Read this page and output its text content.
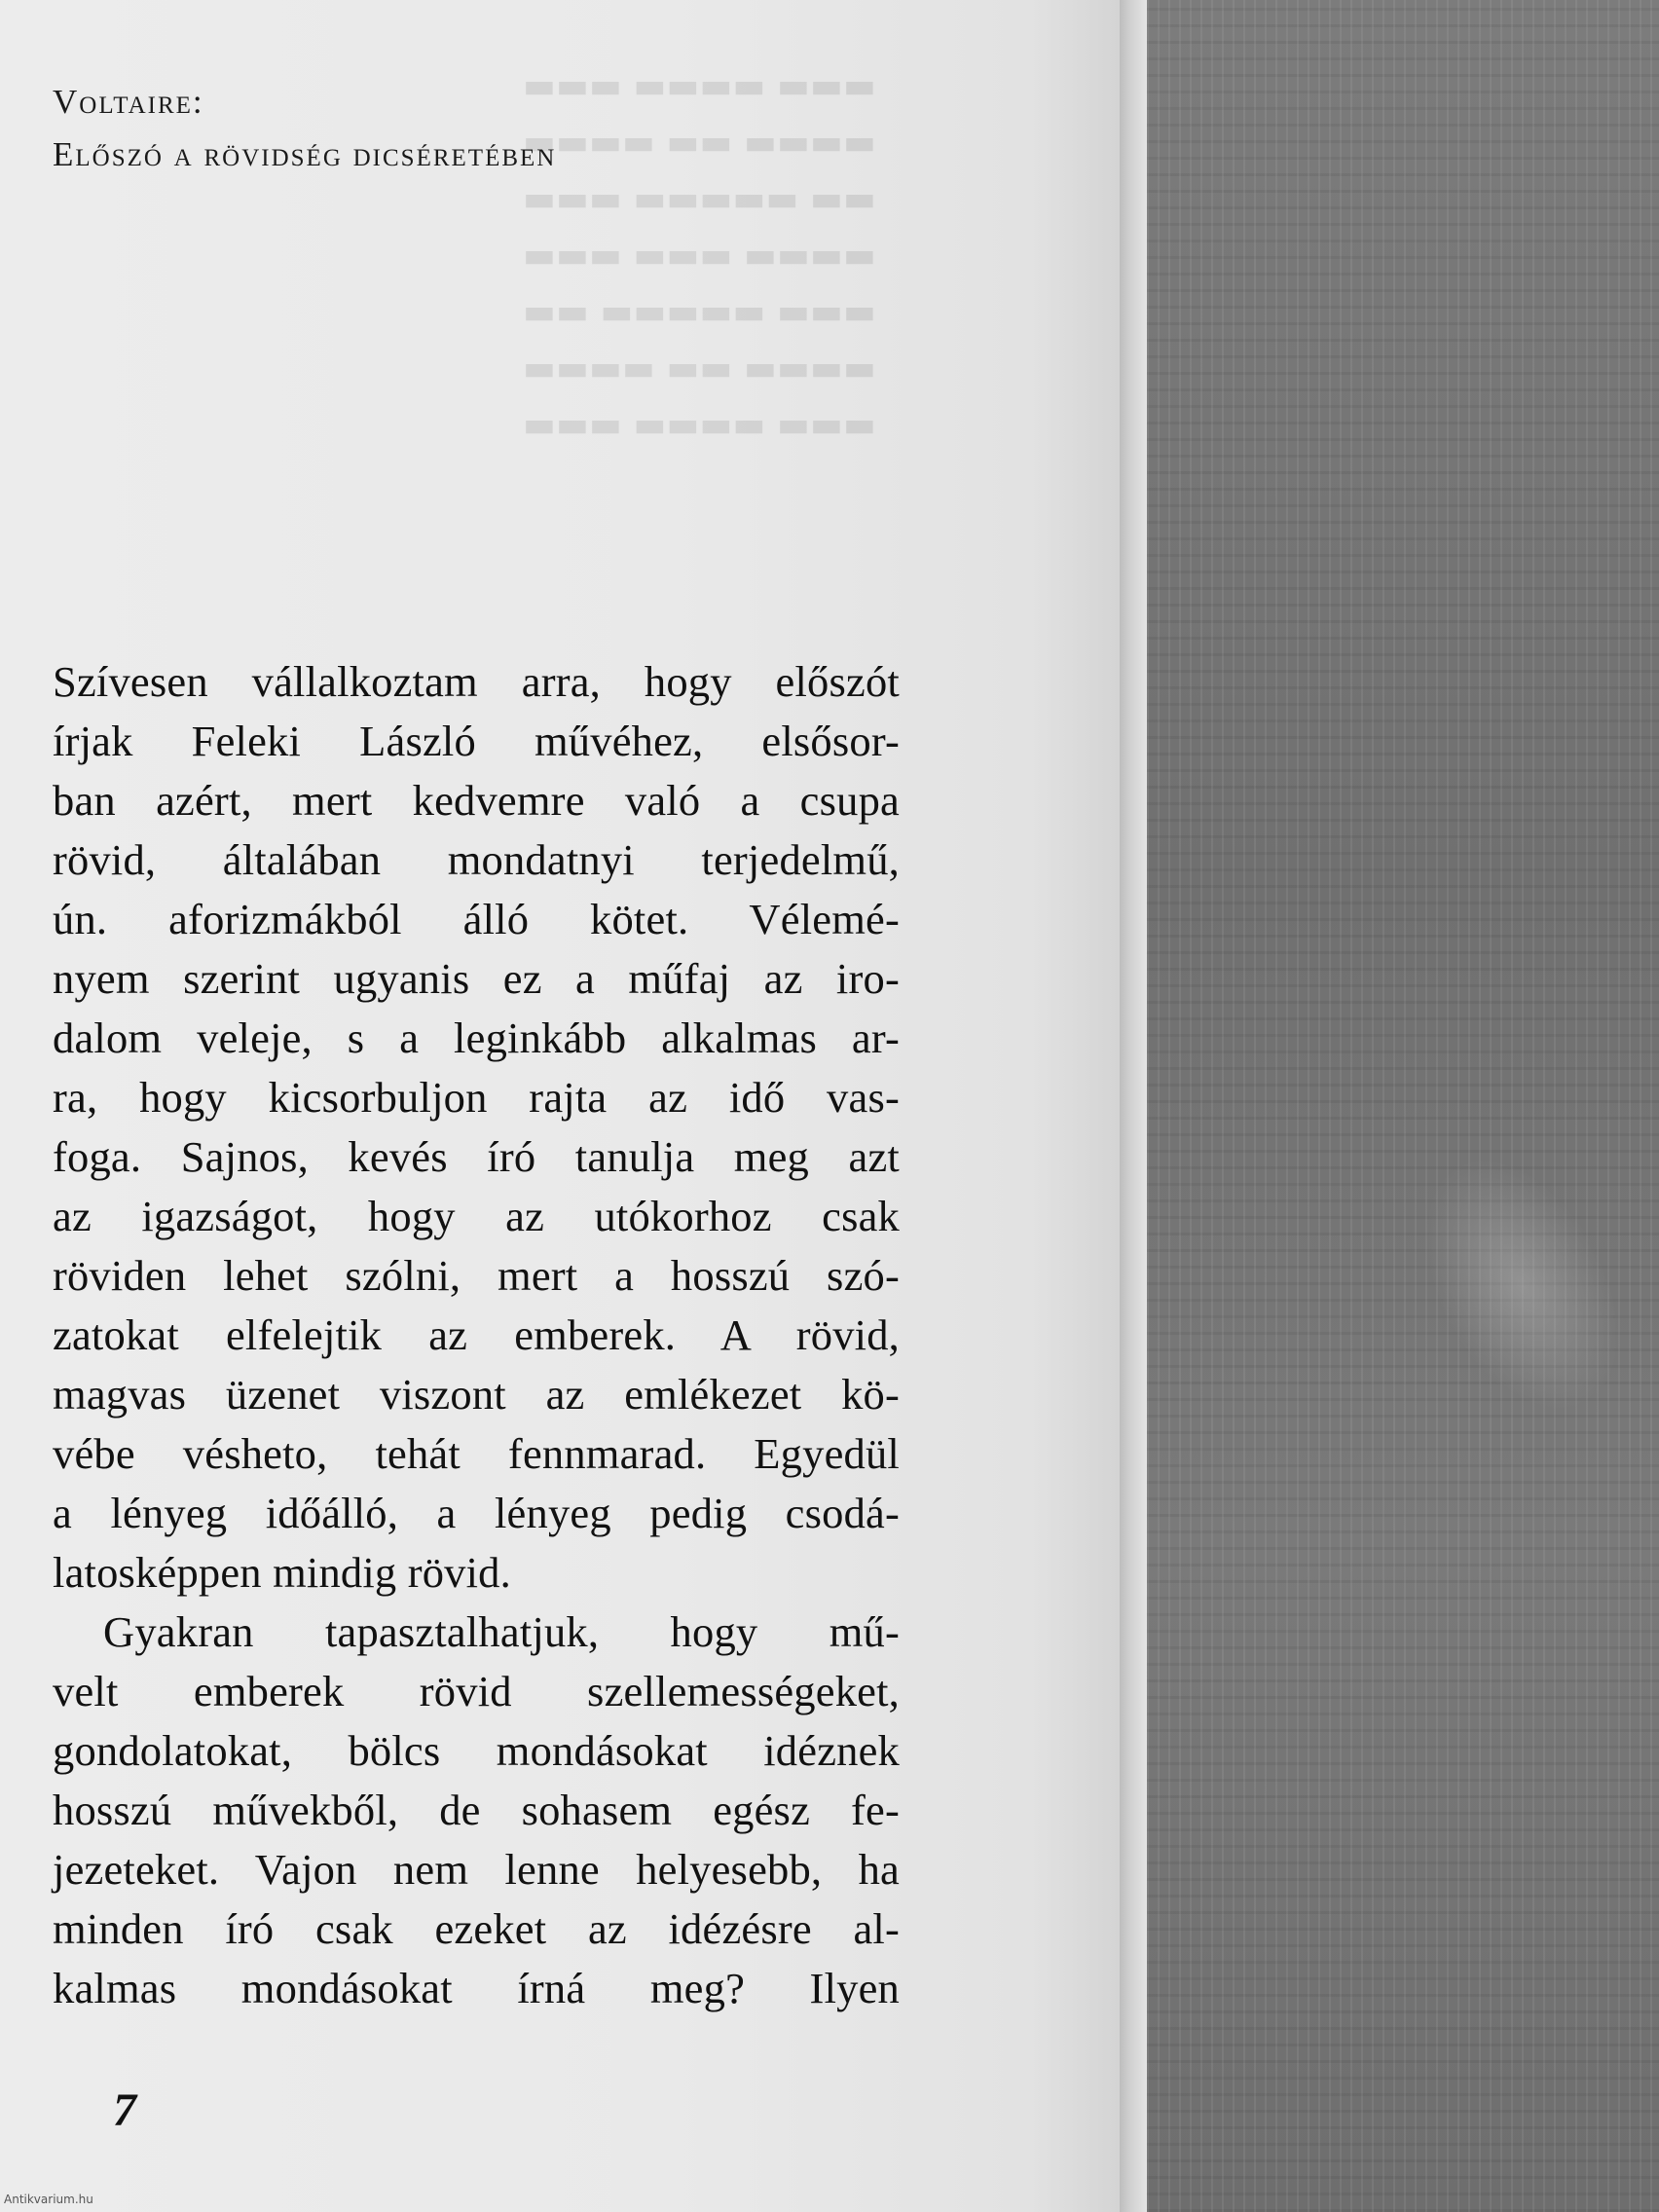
▬▬▬ ▬▬▬▬ ▬▬▬
▬▬▬▬ ▬▬ ▬▬▬▬
▬▬ ▬▬▬▬▬ ▬▬▬
▬▬▬▬ ▬▬▬ ▬▬▬
▬▬▬ ▬▬▬▬▬ ▬▬
▬▬▬▬ ▬▬ ▬▬▬▬
▬▬▬ ▬▬▬▬ ▬▬▬
Voltaire:
Előszó a rövidség dicséretében
Szívesen vállalkoztam arra, hogy előszót
írjak Feleki László művéhez, elsősor-
ban azért, mert kedvemre való a csupa
rövid, általában mondatnyi terjedelmű,
ún. aforizmákból álló kötet. Vélemé-
nyem szerint ugyanis ez a műfaj az iro-
dalom veleje, s a leginkább alkalmas ar-
ra, hogy kicsorbuljon rajta az idő vas-
foga. Sajnos, kevés író tanulja meg azt
az igazságot, hogy az utókorhoz csak
röviden lehet szólni, mert a hosszú szó-
zatokat elfelejtik az emberek. A rövid,
magvas üzenet viszont az emlékezet kö-
vébe vésheto, tehát fennmarad. Egyedül
a lényeg időálló, a lényeg pedig csodá-
latosképpen mindig rövid.
Gyakran tapasztalhatjuk, hogy mű-
velt emberek rövid szellemességeket,
gondolatokat, bölcs mondásokat idéznek
hosszú művekből, de sohasem egész fe-
jezeteket. Vajon nem lenne helyesebb, ha
minden író csak ezeket az idézésre al-
kalmas mondásokat írná meg? Ilyen
7
Antikvarium.hu
